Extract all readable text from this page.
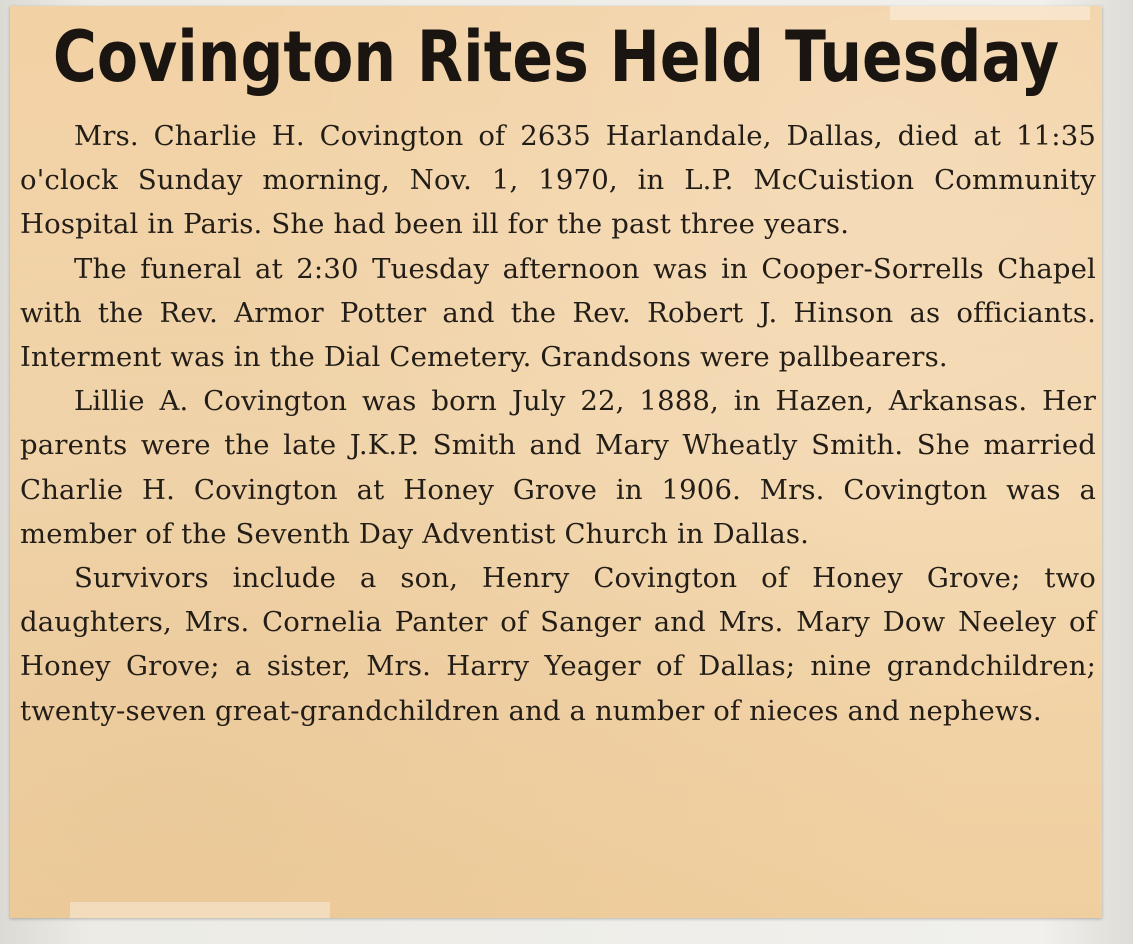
Covington Rites Held Tuesday

Mrs. Charlie H. Covington of 2635 Harlandale, Dallas, died at 11:35 o'clock Sunday morning, Nov. 1, 1970, in L.P. McCuistion Community Hospital in Paris. She had been ill for the past three years.

The funeral at 2:30 Tuesday afternoon was in Cooper-Sorrells Chapel with the Rev. Armor Potter and the Rev. Robert J. Hinson as officiants. Interment was in the Dial Cemetery. Grandsons were pallbearers.

Lillie A. Covington was born July 22, 1888, in Hazen, Arkansas. Her parents were the late J.K.P. Smith and Mary Wheatly Smith. She married Charlie H. Covington at Honey Grove in 1906. Mrs. Covington was a member of the Seventh Day Adventist Church in Dallas.

Survivors include a son, Henry Covington of Honey Grove; two daughters, Mrs. Cornelia Panter of Sanger and Mrs. Mary Dow Neeley of Honey Grove; a sister, Mrs. Harry Yeager of Dallas; nine grandchildren; twenty-seven great-grandchildren and a number of nieces and nephews.
